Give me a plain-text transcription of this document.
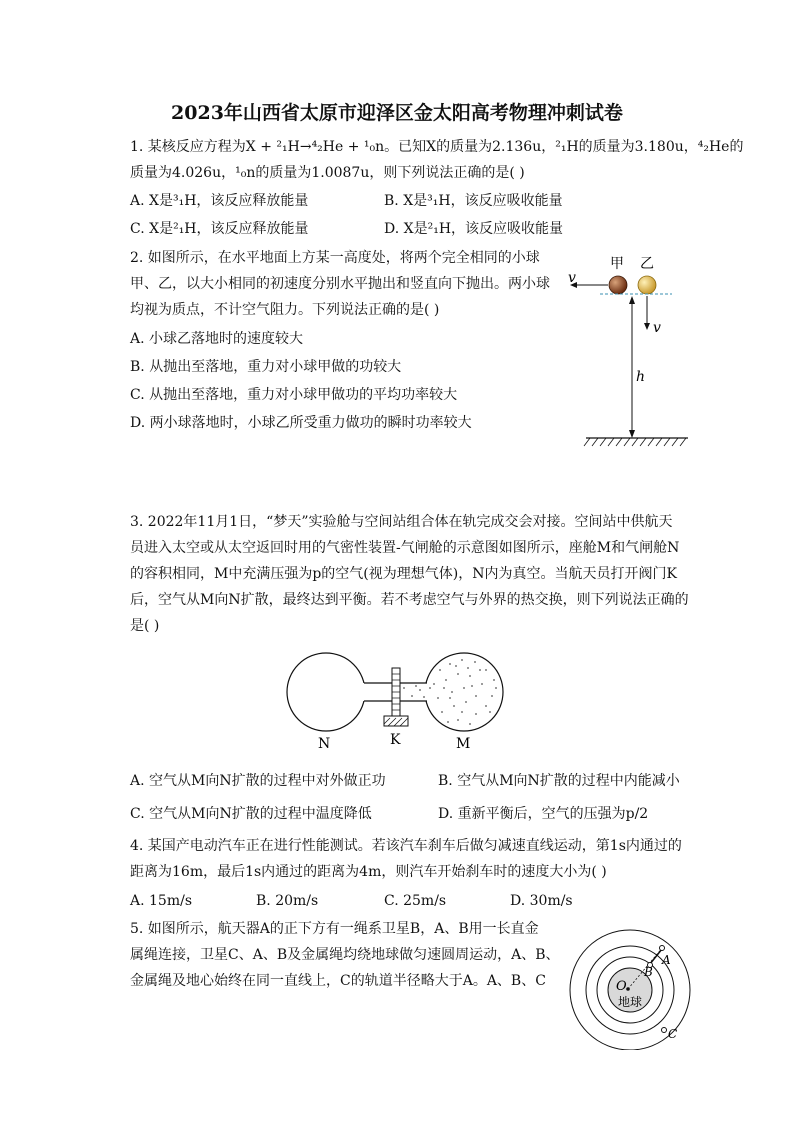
2023年山西省太原市迎泽区金太阳高考物理冲刺试卷
1. 某核反应方程为X + ²₁H→⁴₂He + ¹₀n。已知X的质量为2.136u，²₁H的质量为3.180u，⁴₂He的
质量为4.026u，¹₀n的质量为1.0087u，则下列说法正确的是( )
A. X是³₁H，该反应释放能量	B. X是³₁H，该反应吸收能量
C. X是²₁H，该反应释放能量	D. X是²₁H，该反应吸收能量
2. 如图所示，在水平地面上方某一高度处，将两个完全相同的小球
甲、乙，以大小相同的初速度分别水平抛出和竖直向下抛出。两小球
均视为质点，不计空气阻力。下列说法正确的是( )
A. 小球乙落地时的速度较大
B. 从抛出至落地，重力对小球甲做的功较大
C. 从抛出至落地，重力对小球甲做功的平均功率较大
D. 两小球落地时，小球乙所受重力做功的瞬时功率较大
甲 乙
v
v
h
3. 2022年11月1日，“梦天”实验舱与空间站组合体在轨完成交会对接。空间站中供航天
员进入太空或从太空返回时用的气密性装置-气闸舱的示意图如图所示，座舱M和气闸舱N
的容积相同，M中充满压强为p的空气(视为理想气体)，N内为真空。当航天员打开阀门K
后，空气从M向N扩散，最终达到平衡。若不考虑空气与外界的热交换，则下列说法正确的
是( )
N	K	M
A. 空气从M向N扩散的过程中对外做正功	B. 空气从M向N扩散的过程中内能减小
C. 空气从M向N扩散的过程中温度降低	D. 重新平衡后，空气的压强为p/2
4. 某国产电动汽车正在进行性能测试。若该汽车刹车后做匀减速直线运动，第1s内通过的
距离为16m，最后1s内通过的距离为4m，则汽车开始刹车时的速度大小为( )
A. 15m/s	B. 20m/s	C. 25m/s	D. 30m/s
5. 如图所示，航天器A的正下方有一绳系卫星B，A、B用一长直金
属绳连接，卫星C、A、B及金属绳均绕地球做匀速圆周运动，A、B、
金属绳及地心始终在同一直线上，C的轨道半径略大于A。A、B、C	O
地球
A
B
C
